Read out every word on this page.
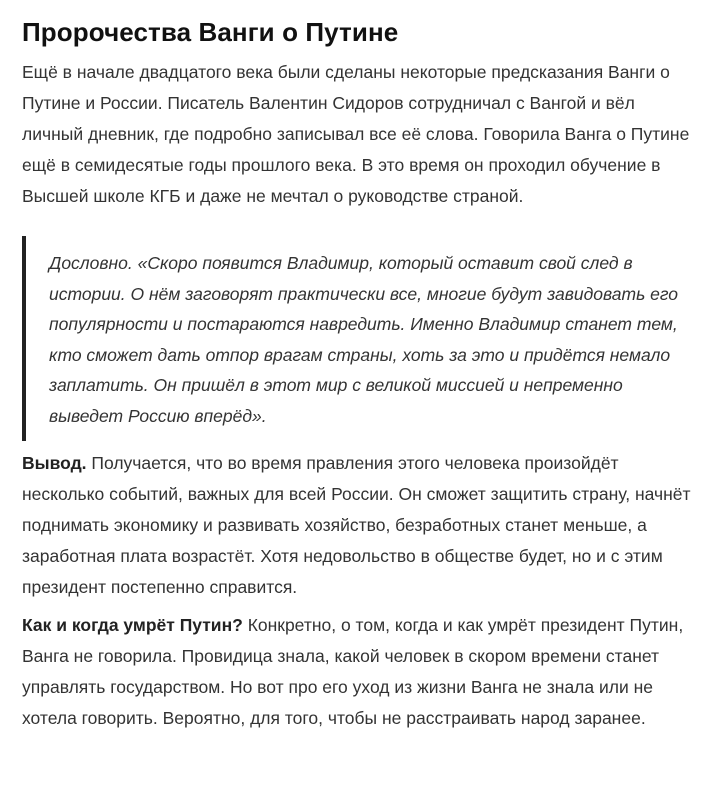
Пророчества Ванги о Путине

Ещё в начале двадцатого века были сделаны некоторые предсказания Ванги о Путине и России. Писатель Валентин Сидоров сотрудничал с Вангой и вёл личный дневник, где подробно записывал все её слова. Говорила Ванга о Путине ещё в семидесятые годы прошлого века. В это время он проходил обучение в Высшей школе КГБ и даже не мечтал о руководстве страной.

Дословно. «Скоро появится Владимир, который оставит свой след в истории. О нём заговорят практически все, многие будут завидовать его популярности и постараются навредить. Именно Владимир станет тем, кто сможет дать отпор врагам страны, хоть за это и придётся немало заплатить. Он пришёл в этот мир с великой миссией и непременно выведет Россию вперёд».

Вывод. Получается, что во время правления этого человека произойдёт несколько событий, важных для всей России. Он сможет защитить страну, начнёт поднимать экономику и развивать хозяйство, безработных станет меньше, а заработная плата возрастёт. Хотя недовольство в обществе будет, но и с этим президент постепенно справится.

Как и когда умрёт Путин? Конкретно, о том, когда и как умрёт президент Путин, Ванга не говорила. Провидица знала, какой человек в скором времени станет управлять государством. Но вот про его уход из жизни Ванга не знала или не хотела говорить. Вероятно, для того, чтобы не расстраивать народ заранее.
